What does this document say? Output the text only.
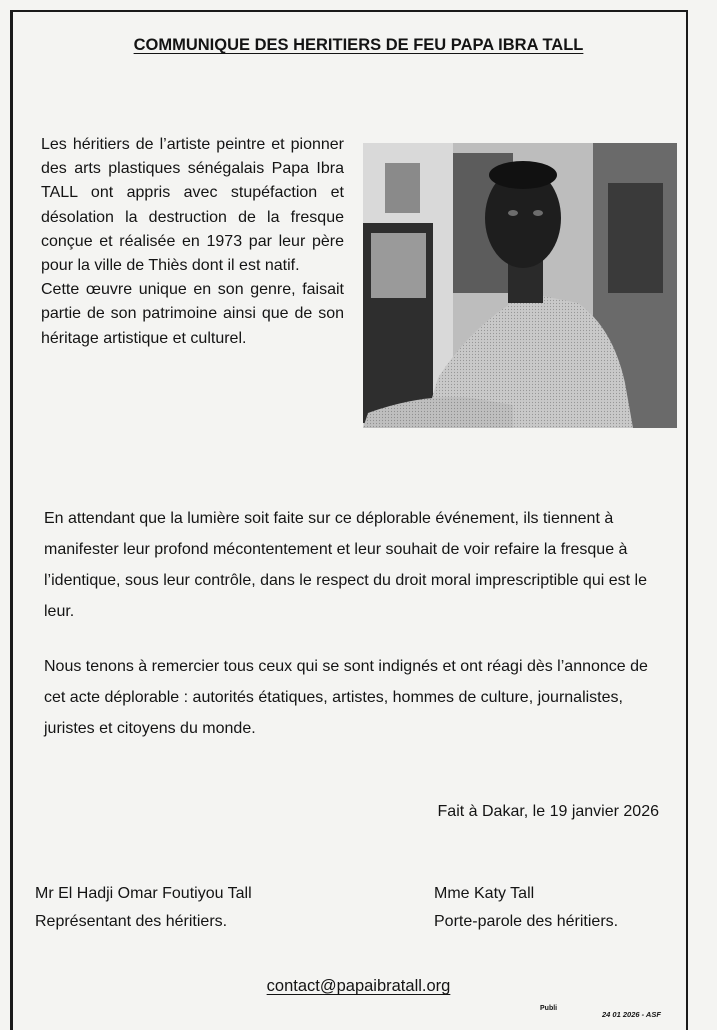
COMMUNIQUE DES HERITIERS DE FEU PAPA IBRA TALL

Les héritiers de l’artiste peintre et pionner des arts plastiques sénégalais Papa Ibra TALL ont appris avec stupéfaction et désolation la destruction de la fresque conçue et réalisée en 1973 par leur père pour la ville de Thiès dont il est natif.

Cette œuvre unique en son genre, faisait partie de son patrimoine ainsi que de son héritage artistique et culturel.

En attendant que la lumière soit faite sur ce déplorable événement, ils tiennent à manifester leur profond mécontentement et leur souhait de voir refaire la fresque à l’identique, sous leur contrôle, dans le respect du droit moral imprescriptible qui est le leur.

Nous tenons à remercier tous ceux qui se sont indignés et ont réagi dès l’annonce de cet acte déplorable : autorités étatiques, artistes, hommes de culture, journalistes, juristes et citoyens du monde.

Fait à Dakar, le 19 janvier 2026
Mr El Hadji Omar Foutiyou Tall
Représentant des héritiers.
Mme Katy Tall
Porte-parole des héritiers.
contact@papaibratall.org
Publi
24 01 2026 - ASF
